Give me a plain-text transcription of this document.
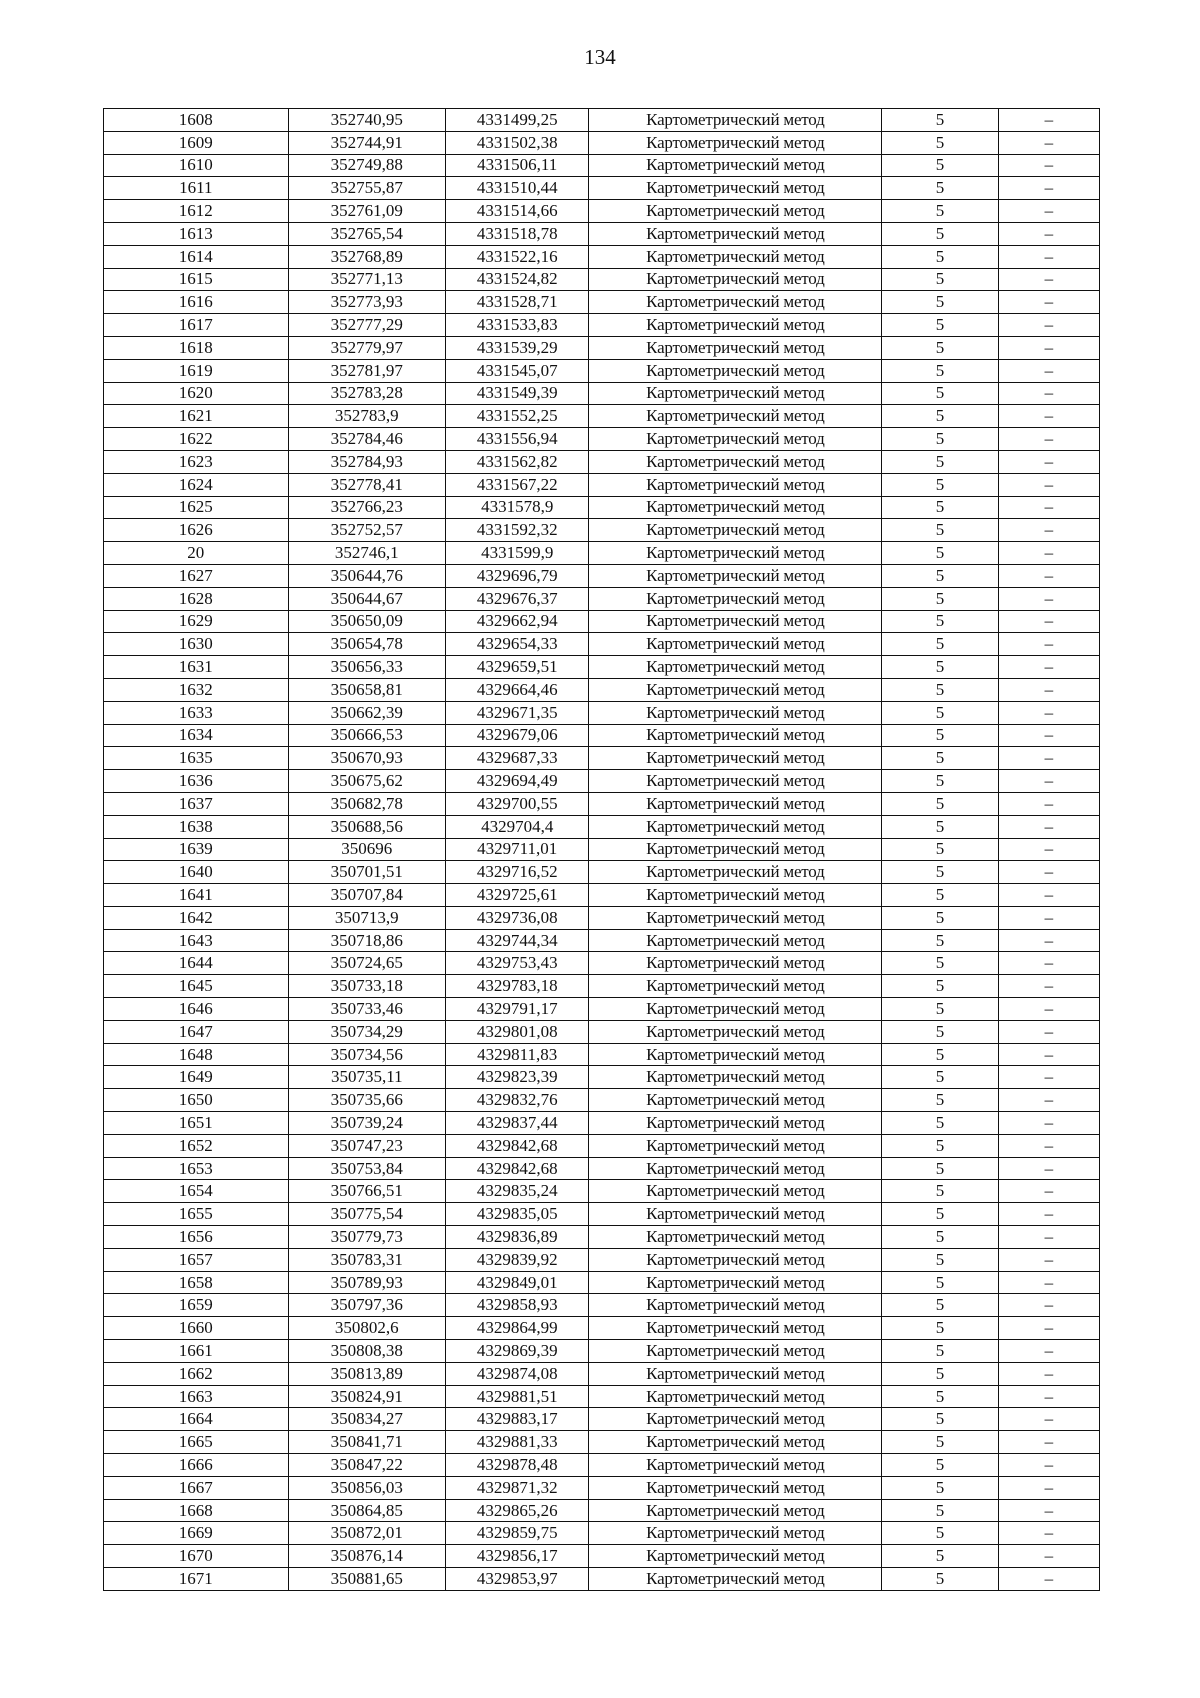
134
1608	352740,95	4331499,25	Картометрический метод	5	–
1609	352744,91	4331502,38	Картометрический метод	5	–
1610	352749,88	4331506,11	Картометрический метод	5	–
1611	352755,87	4331510,44	Картометрический метод	5	–
1612	352761,09	4331514,66	Картометрический метод	5	–
1613	352765,54	4331518,78	Картометрический метод	5	–
1614	352768,89	4331522,16	Картометрический метод	5	–
1615	352771,13	4331524,82	Картометрический метод	5	–
1616	352773,93	4331528,71	Картометрический метод	5	–
1617	352777,29	4331533,83	Картометрический метод	5	–
1618	352779,97	4331539,29	Картометрический метод	5	–
1619	352781,97	4331545,07	Картометрический метод	5	–
1620	352783,28	4331549,39	Картометрический метод	5	–
1621	352783,9	4331552,25	Картометрический метод	5	–
1622	352784,46	4331556,94	Картометрический метод	5	–
1623	352784,93	4331562,82	Картометрический метод	5	–
1624	352778,41	4331567,22	Картометрический метод	5	–
1625	352766,23	4331578,9	Картометрический метод	5	–
1626	352752,57	4331592,32	Картометрический метод	5	–
20	352746,1	4331599,9	Картометрический метод	5	–
1627	350644,76	4329696,79	Картометрический метод	5	–
1628	350644,67	4329676,37	Картометрический метод	5	–
1629	350650,09	4329662,94	Картометрический метод	5	–
1630	350654,78	4329654,33	Картометрический метод	5	–
1631	350656,33	4329659,51	Картометрический метод	5	–
1632	350658,81	4329664,46	Картометрический метод	5	–
1633	350662,39	4329671,35	Картометрический метод	5	–
1634	350666,53	4329679,06	Картометрический метод	5	–
1635	350670,93	4329687,33	Картометрический метод	5	–
1636	350675,62	4329694,49	Картометрический метод	5	–
1637	350682,78	4329700,55	Картометрический метод	5	–
1638	350688,56	4329704,4	Картометрический метод	5	–
1639	350696	4329711,01	Картометрический метод	5	–
1640	350701,51	4329716,52	Картометрический метод	5	–
1641	350707,84	4329725,61	Картометрический метод	5	–
1642	350713,9	4329736,08	Картометрический метод	5	–
1643	350718,86	4329744,34	Картометрический метод	5	–
1644	350724,65	4329753,43	Картометрический метод	5	–
1645	350733,18	4329783,18	Картометрический метод	5	–
1646	350733,46	4329791,17	Картометрический метод	5	–
1647	350734,29	4329801,08	Картометрический метод	5	–
1648	350734,56	4329811,83	Картометрический метод	5	–
1649	350735,11	4329823,39	Картометрический метод	5	–
1650	350735,66	4329832,76	Картометрический метод	5	–
1651	350739,24	4329837,44	Картометрический метод	5	–
1652	350747,23	4329842,68	Картометрический метод	5	–
1653	350753,84	4329842,68	Картометрический метод	5	–
1654	350766,51	4329835,24	Картометрический метод	5	–
1655	350775,54	4329835,05	Картометрический метод	5	–
1656	350779,73	4329836,89	Картометрический метод	5	–
1657	350783,31	4329839,92	Картометрический метод	5	–
1658	350789,93	4329849,01	Картометрический метод	5	–
1659	350797,36	4329858,93	Картометрический метод	5	–
1660	350802,6	4329864,99	Картометрический метод	5	–
1661	350808,38	4329869,39	Картометрический метод	5	–
1662	350813,89	4329874,08	Картометрический метод	5	–
1663	350824,91	4329881,51	Картометрический метод	5	–
1664	350834,27	4329883,17	Картометрический метод	5	–
1665	350841,71	4329881,33	Картометрический метод	5	–
1666	350847,22	4329878,48	Картометрический метод	5	–
1667	350856,03	4329871,32	Картометрический метод	5	–
1668	350864,85	4329865,26	Картометрический метод	5	–
1669	350872,01	4329859,75	Картометрический метод	5	–
1670	350876,14	4329856,17	Картометрический метод	5	–
1671	350881,65	4329853,97	Картометрический метод	5	–
